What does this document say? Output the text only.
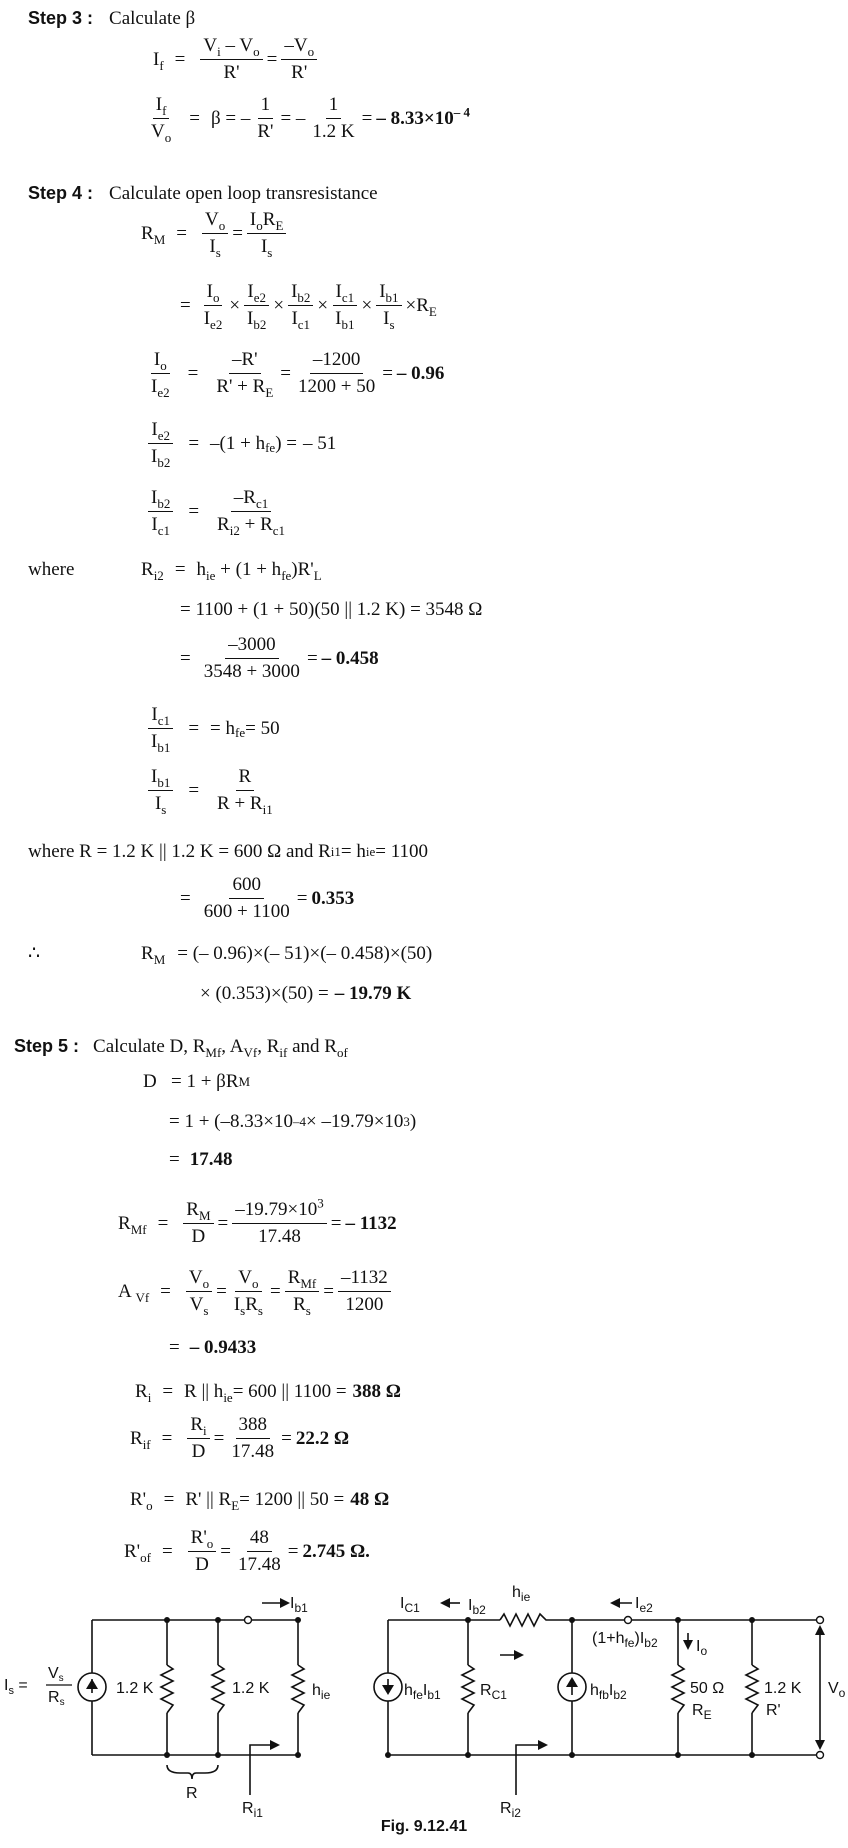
Step 3 : Calculate β
$I_f = \frac{V_i - V_o}{R'} = \frac{-V_o}{R'}$
$\frac{I_f}{V_o} = \beta$ = – $\frac{1}{R'}$ = – $\frac{1}{1.2 K}$ = – $8.33\times 10^{- 4}$
Step 4 : Calculate open loop transresistance
$R_M = \frac{V_o}{I_s} = \frac{I_oR_E}{I_s}$
= $\frac{I_o}{I_{e2}} \times \frac{I_{e2}}{I_{b2}} \times \frac{I_{b2}}{I_{c1}} \times \frac{I_{c1}}{I_{b1}} \times \frac{I_{b1}}{I_s} \times R_E$
$\frac{I_o}{I_{e2}} = \frac{-R'}{R' + R_E} = \frac{-1200}{1200 + 50}$ = – 0.96
$\frac{I_{e2}}{I_{b2}} = -(1 + h$ fe ) = – 51
$\frac{I_{b2}}{I_{c1}} = \frac{-R_{c1}}{R_{i2} + R_{c1}}$
where	$R_{i2} = h_{ie} + (1 + h_{fe})R'_L$
= 1100 + (1 + 50)(50 || 1.2 K) = 3548 Ω
= $\frac{-3000}{3548 + 3000}$ = – 0.458
$\frac{I_{c1}}{I_{b1}}$ = = h fe = 50
$\frac{I_{b1}}{I_s} = \frac{R}{R + R_{i1}}$
where R = 1.2 K || 1.2 K = 600 Ω and R i1 = h ie = 1100
= $\frac{600}{600 + 1100} = 0.353$
∴	$R_M$ = (– 0.96)×(– 51)×(– 0.458)×(50)
× (0.353)×(50) = – 19.79 K
Step 5 : Calculate D, $R_{Mf}$, $A_{Vf}$, $R_{if}$ and $R_{of}$
D = 1 + βR M
= 1 + (–8.33×10 –4 × –19.79×10 3 )
= 17.48
$R_{Mf} = \frac{R_M}{D} = \frac{-19.79\times 10^3}{17.48}$ = – 1132
A $_{Vf} = \frac{V_o}{V_s} = \frac{V_o}{I_sR_s} = \frac{R_{Mf}}{R_s} = \frac{-1132}{1200}$
= – 0.9433
$R_i = R$ || $h_{ie} = 600$ || 1100 = 388 Ω
$R_{if} = \frac{R_i}{D} = \frac{388}{17.48} = 22.2$ Ω
$R'_o = R'$ || $R_E = 1200$ || 50 = 48 Ω
$R'_{of} = \frac{R'_o}{D} = \frac{48}{17.48} = 2.745$ Ω.
$I_s$ =
Vs
Rs
1.2 K	1.2 K	$h_{ie}$
$I_{b1}$
R
$R_{i1}$
$I_{C1}$	$I_{b2}$
$h_{ie}$
$h_{fe}I_{b1}$ $R_{C1}$
$R_{i2}$
$h_{fb}I_{b2}$
$I_{e2}$
$(1+h_{fe})I_{b2}$ $I_o$
50 Ω
$R_E$
1.2 K
R'
$V_o$
Fig. 9.12.41
